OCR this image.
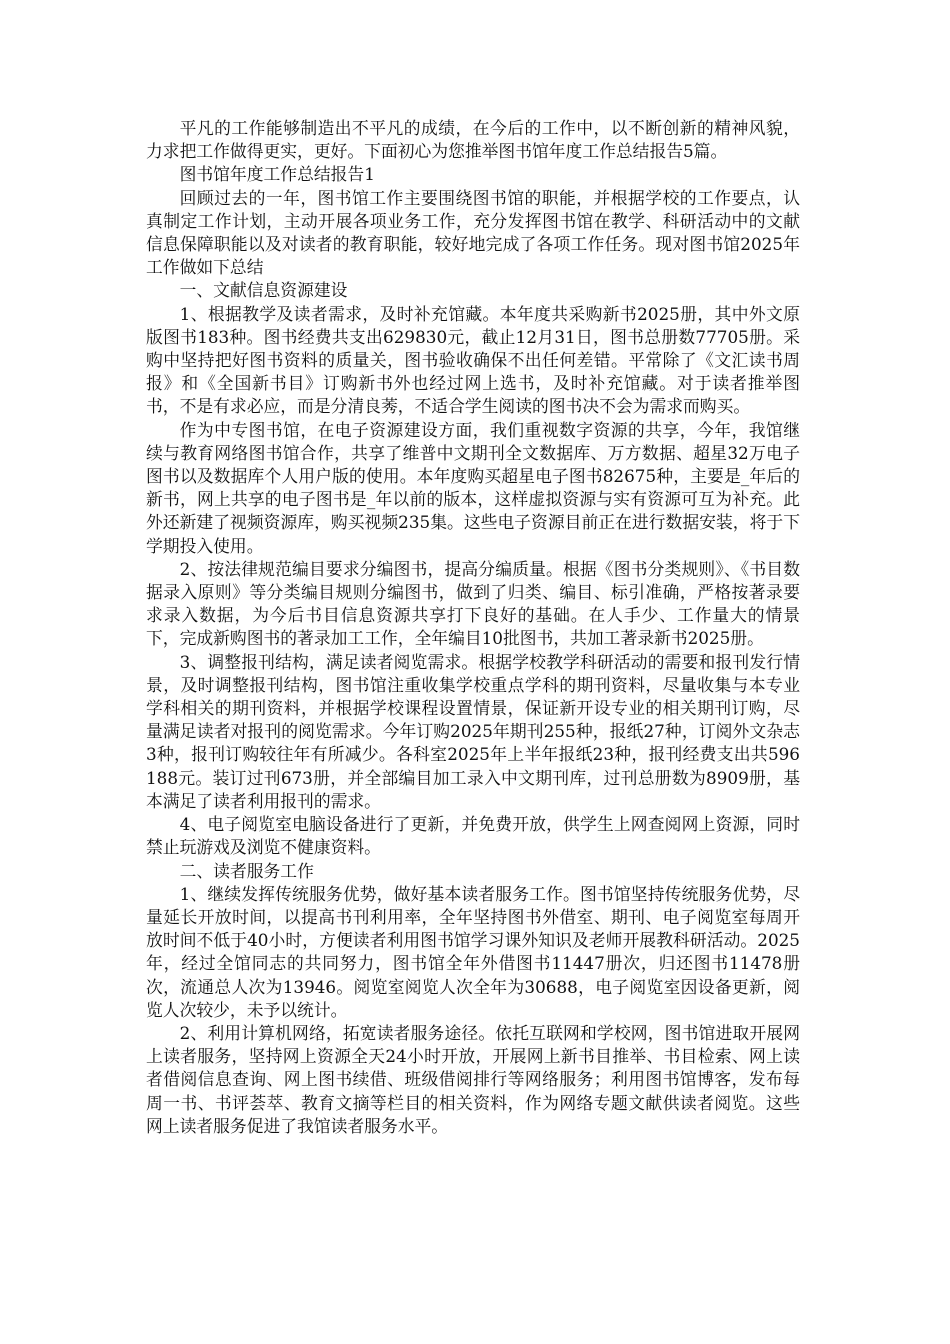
平凡的工作能够制造出不平凡的成绩，在今后的工作中，以不断创新的精神风貌，力求把工作做得更实，更好。下面初心为您推举图书馆年度工作总结报告5篇。

图书馆年度工作总结报告1

回顾过去的一年，图书馆工作主要围绕图书馆的职能，并根据学校的工作要点，认真制定工作计划，主动开展各项业务工作，充分发挥图书馆在教学、科研活动中的文献信息保障职能以及对读者的教育职能，较好地完成了各项工作任务。现对图书馆2025年工作做如下总结

一、文献信息资源建设

1、根据教学及读者需求，及时补充馆藏。本年度共采购新书2025册，其中外文原版图书183种。图书经费共支出629830元，截止12月31日，图书总册数77705册。采购中坚持把好图书资料的质量关，图书验收确保不出任何差错。平常除了《文汇读书周报》和《全国新书目》订购新书外也经过网上选书，及时补充馆藏。对于读者推举图书，不是有求必应，而是分清良莠，不适合学生阅读的图书决不会为需求而购买。

作为中专图书馆，在电子资源建设方面，我们重视数字资源的共享，今年，我馆继续与教育网络图书馆合作，共享了维普中文期刊全文数据库、万方数据、超星32万电子图书以及数据库个人用户版的使用。本年度购买超星电子图书82675种，主要是_年后的新书，网上共享的电子图书是_年以前的版本，这样虚拟资源与实有资源可互为补充。此外还新建了视频资源库，购买视频235集。这些电子资源目前正在进行数据安装，将于下学期投入使用。

2、按法律规范编目要求分编图书，提高分编质量。根据《图书分类规则》、《书目数据录入原则》等分类编目规则分编图书，做到了归类、编目、标引准确，严格按著录要求录入数据，为今后书目信息资源共享打下良好的基础。在人手少、工作量大的情景下，完成新购图书的著录加工工作，全年编目10批图书，共加工著录新书2025册。

3、调整报刊结构，满足读者阅览需求。根据学校教学科研活动的需要和报刊发行情景，及时调整报刊结构，图书馆注重收集学校重点学科的期刊资料，尽量收集与本专业学科相关的期刊资料，并根据学校课程设置情景，保证新开设专业的相关期刊订购，尽量满足读者对报刊的阅览需求。今年订购2025年期刊255种，报纸27种，订阅外文杂志3种，报刊订购较往年有所减少。各科室2025年上半年报纸23种，报刊经费支出共596188元。装订过刊673册，并全部编目加工录入中文期刊库，过刊总册数为8909册，基本满足了读者利用报刊的需求。

4、电子阅览室电脑设备进行了更新，并免费开放，供学生上网查阅网上资源，同时禁止玩游戏及浏览不健康资料。

二、读者服务工作

1、继续发挥传统服务优势，做好基本读者服务工作。图书馆坚持传统服务优势，尽量延长开放时间，以提高书刊利用率，全年坚持图书外借室、期刊、电子阅览室每周开放时间不低于40小时，方便读者利用图书馆学习课外知识及老师开展教科研活动。2025年，经过全馆同志的共同努力，图书馆全年外借图书11447册次，归还图书11478册次，流通总人次为13946。阅览室阅览人次全年为30688，电子阅览室因设备更新，阅览人次较少，未予以统计。

2、利用计算机网络，拓宽读者服务途径。依托互联网和学校网，图书馆进取开展网上读者服务，坚持网上资源全天24小时开放，开展网上新书目推举、书目检索、网上读者借阅信息查询、网上图书续借、班级借阅排行等网络服务；利用图书馆博客，发布每周一书、书评荟萃、教育文摘等栏目的相关资料，作为网络专题文献供读者阅览。这些网上读者服务促进了我馆读者服务水平。
